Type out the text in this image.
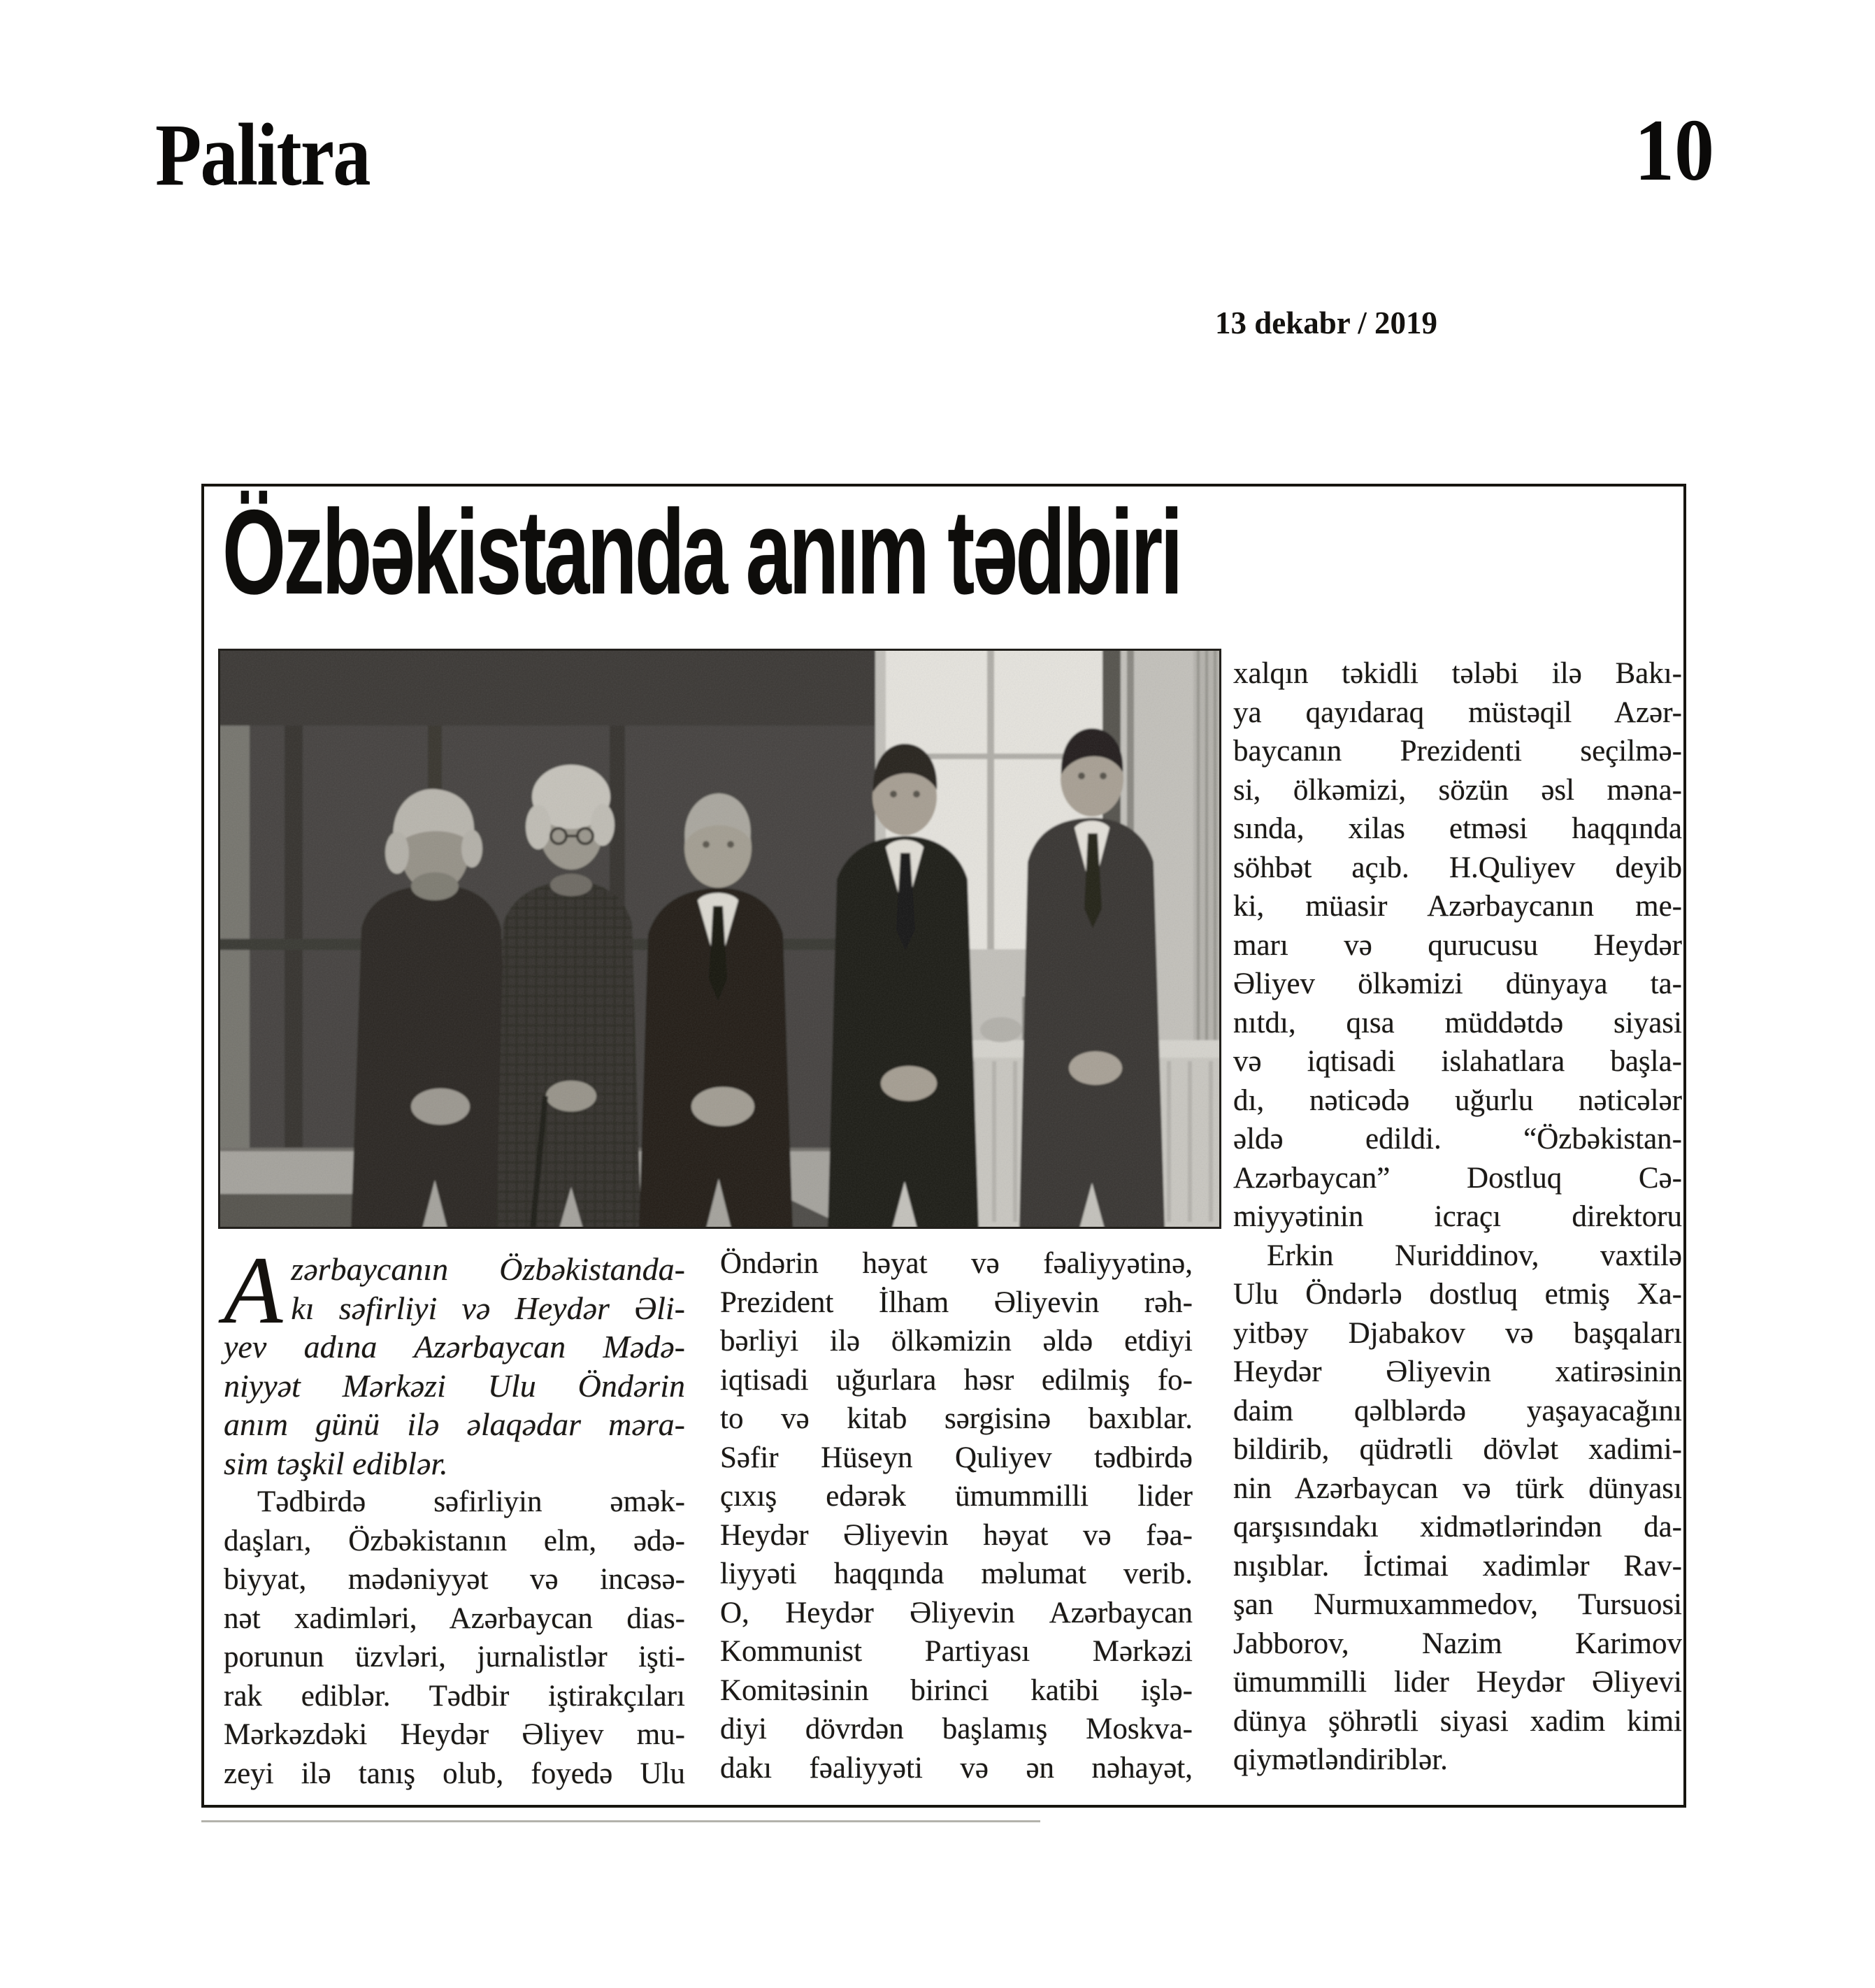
Palitra	10
13 dekabr / 2019
Özbəkistanda anım tədbiri
A zərbaycanın Özbəkistanda-
kı səfirliyi və Heydər Əli-
yev adına Azərbaycan Mədə-
niyyət Mərkəzi Ulu Öndərin
anım günü ilə əlaqədar məra-
sim təşkil ediblər.
Tədbirdə səfirliyin əmək-
daşları, Özbəkistanın elm, ədə-
biyyat, mədəniyyət və incəsə-
nət xadimləri, Azərbaycan dias-
porunun üzvləri, jurnalistlər işti-
rak ediblər. Tədbir iştirakçıları
Mərkəzdəki Heydər Əliyev mu-
zeyi ilə tanış olub, foyedə Ulu
Öndərin həyat və fəaliyyətinə,
Prezident İlham Əliyevin rəh-
bərliyi ilə ölkəmizin əldə etdiyi
iqtisadi uğurlara həsr edilmiş fo-
to və kitab sərgisinə baxıblar.
Səfir Hüseyn Quliyev tədbirdə
çıxış edərək ümummilli lider
Heydər Əliyevin həyat və fəa-
liyyəti haqqında məlumat verib.
O, Heydər Əliyevin Azərbaycan
Kommunist Partiyası Mərkəzi
Komitəsinin birinci katibi işlə-
diyi dövrdən başlamış Moskva-
dakı fəaliyyəti və ən nəhayət,
xalqın təkidli tələbi ilə Bakı-
ya qayıdaraq müstəqil Azər-
baycanın Prezidenti seçilmə-
si, ölkəmizi, sözün əsl məna-
sında, xilas etməsi haqqında
söhbət açıb. H.Quliyev deyib
ki, müasir Azərbaycanın me-
marı və qurucusu Heydər
Əliyev ölkəmizi dünyaya ta-
nıtdı, qısa müddətdə siyasi
və iqtisadi islahatlara başla-
dı, nəticədə uğurlu nəticələr
əldə edildi. “Özbəkistan-
Azərbaycan” Dostluq Cə-
miyyətinin icraçı direktoru
Erkin Nuriddinov, vaxtilə
Ulu Öndərlə dostluq etmiş Xa-
yitbəy Djabakov və başqaları
Heydər Əliyevin xatirəsinin
daim qəlblərdə yaşayacağını
bildirib, qüdrətli dövlət xadimi-
nin Azərbaycan və türk dünyası
qarşısındakı xidmətlərindən da-
nışıblar. İctimai xadimlər Rav-
şan Nurmuxammedov, Tursuosi
Jabborov, Nazim Karimov
ümummilli lider Heydər Əliyevi
dünya şöhrətli siyasi xadim kimi
qiymətləndiriblər.
